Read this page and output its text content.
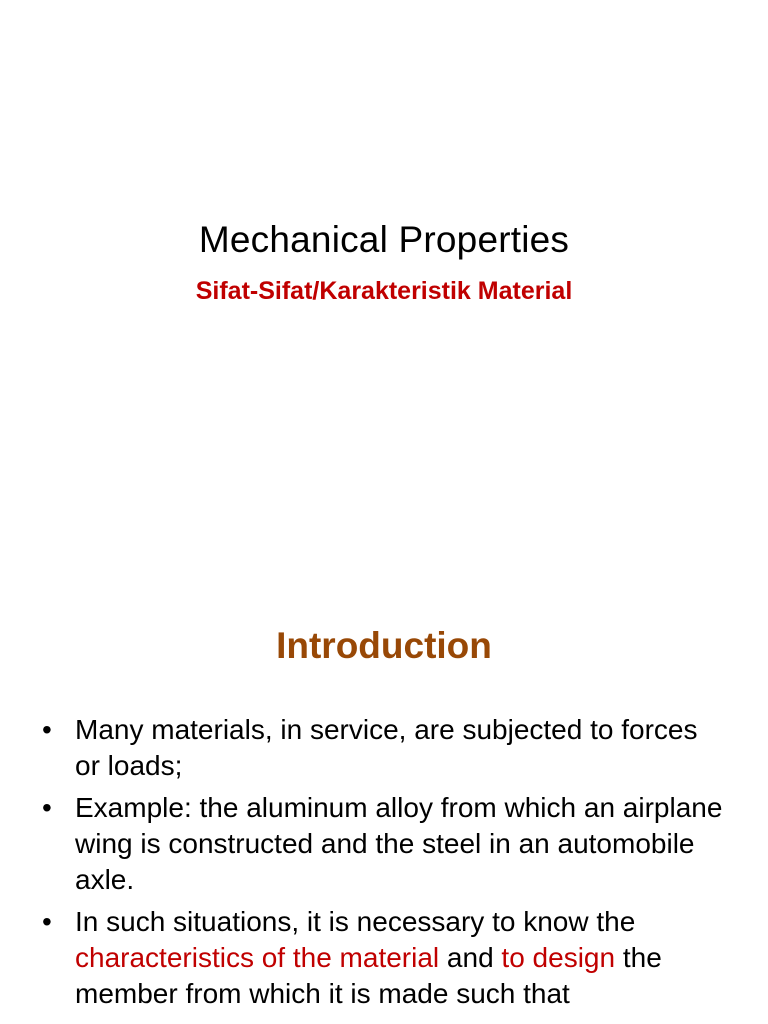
Mechanical Properties
Sifat-Sifat/Karakteristik Material
Introduction
• Many materials, in service, are subjected to forces or loads;
• Example: the aluminum alloy from which an airplane wing is constructed and the steel in an automobile axle.
• In such situations, it is necessary to know the characteristics of the material and to design the member from which it is made such that
